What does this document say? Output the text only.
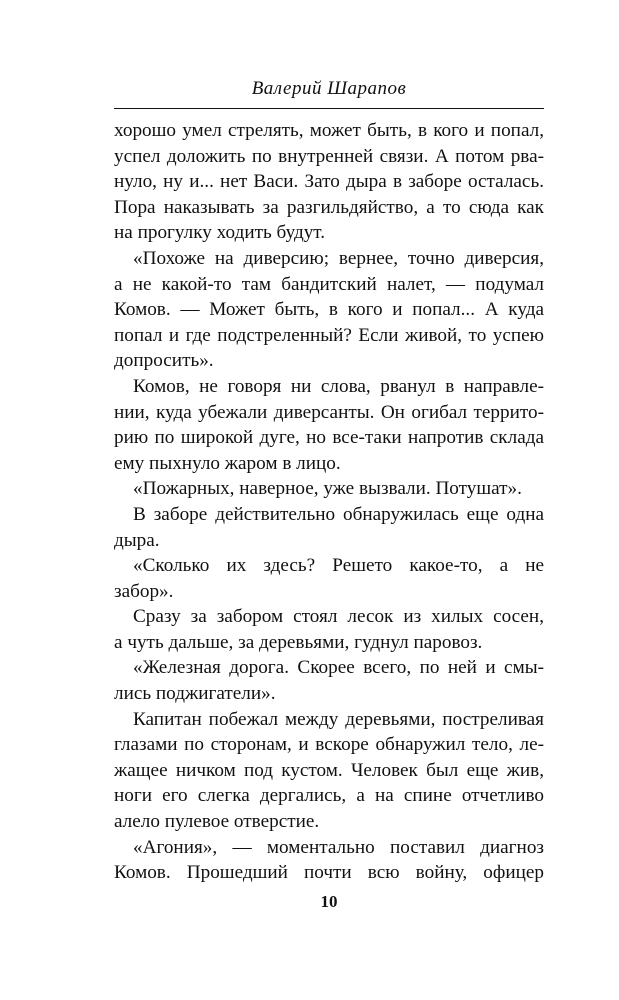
Валерий Шарапов
хорошо умел стрелять, может быть, в кого и попал,
успел доложить по внутренней связи. А потом рва-
нуло, ну и... нет Васи. Зато дыра в заборе осталась.
Пора наказывать за разгильдяйство, а то сюда как
на прогулку ходить будут.
«Похоже на диверсию; вернее, точно диверсия,
а не какой-то там бандитский налет, — подумал
Комов. — Может быть, в кого и попал... А куда
попал и где подстреленный? Если живой, то успею
допросить».
Комов, не говоря ни слова, рванул в направле-
нии, куда убежали диверсанты. Он огибал террито-
рию по широкой дуге, но все-таки напротив склада
ему пыхнуло жаром в лицо.
«Пожарных, наверное, уже вызвали. Потушат».
В заборе действительно обнаружилась еще одна
дыра.
«Сколько их здесь? Решето какое-то, а не
забор».
Сразу за забором стоял лесок из хилых сосен,
а чуть дальше, за деревьями, гуднул паровоз.
«Железная дорога. Скорее всего, по ней и смы-
лись поджигатели».
Капитан побежал между деревьями, постреливая
глазами по сторонам, и вскоре обнаружил тело, ле-
жащее ничком под кустом. Человек был еще жив,
ноги его слегка дергались, а на спине отчетливо
алело пулевое отверстие.
«Агония», — моментально поставил диагноз
Комов. Прошедший почти всю войну, офицер
10
